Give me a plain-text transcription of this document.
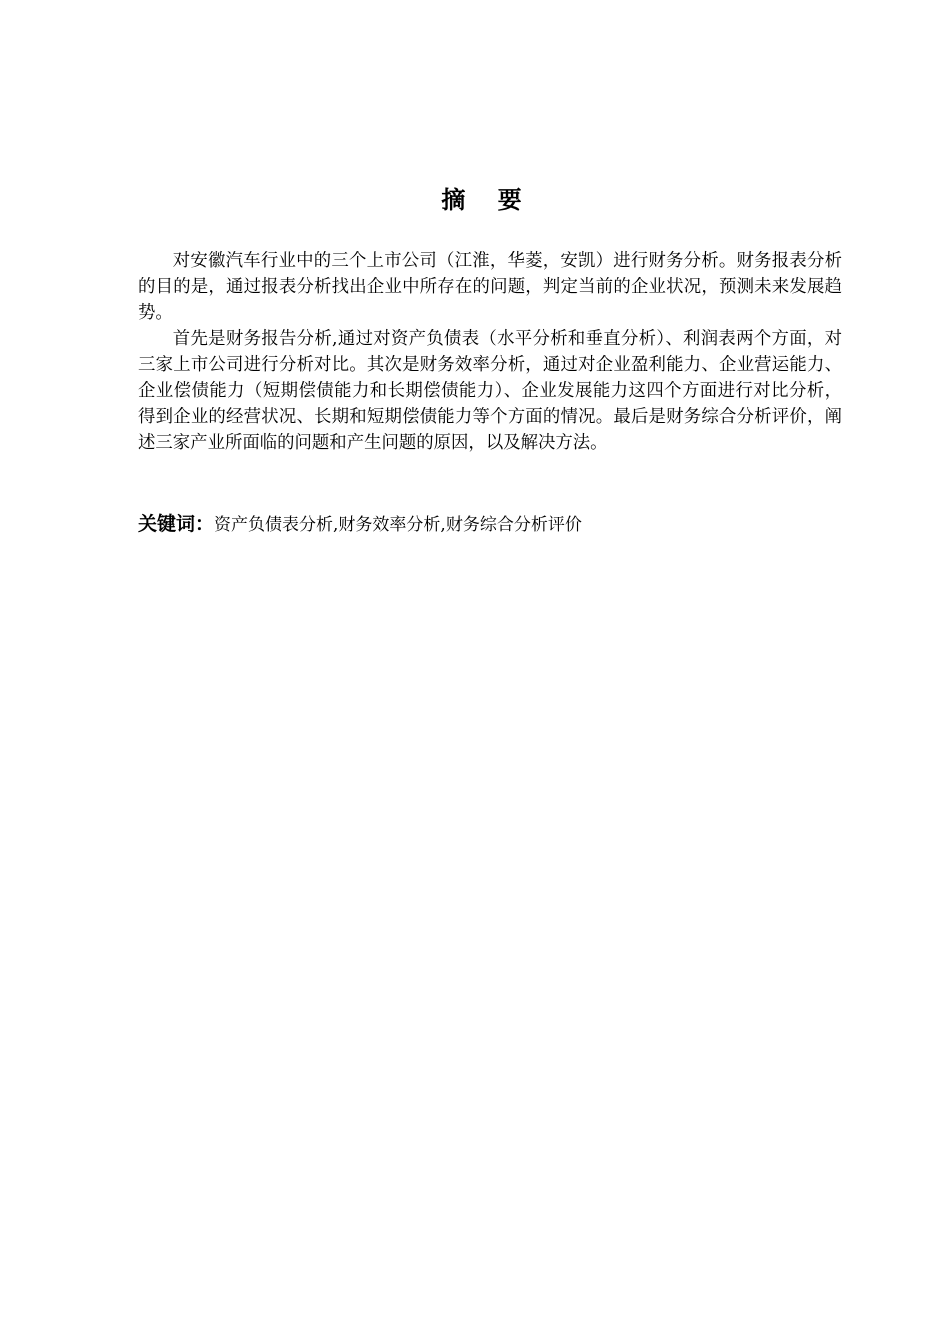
摘 要

对安徽汽车行业中的三个上市公司（江淮，华菱，安凯）进行财务分析。财务报表分析的目的是，通过报表分析找出企业中所存在的问题，判定当前的企业状况，预测未来发展趋势。

首先是财务报告分析,通过对资产负债表（水平分析和垂直分析）、利润表两个方面，对三家上市公司进行分析对比。其次是财务效率分析，通过对企业盈利能力、企业营运能力、企业偿债能力（短期偿债能力和长期偿债能力）、企业发展能力这四个方面进行对比分析，得到企业的经营状况、长期和短期偿债能力等个方面的情况。最后是财务综合分析评价，阐述三家产业所面临的问题和产生问题的原因，以及解决方法。

关键词：资产负债表分析,财务效率分析,财务综合分析评价
